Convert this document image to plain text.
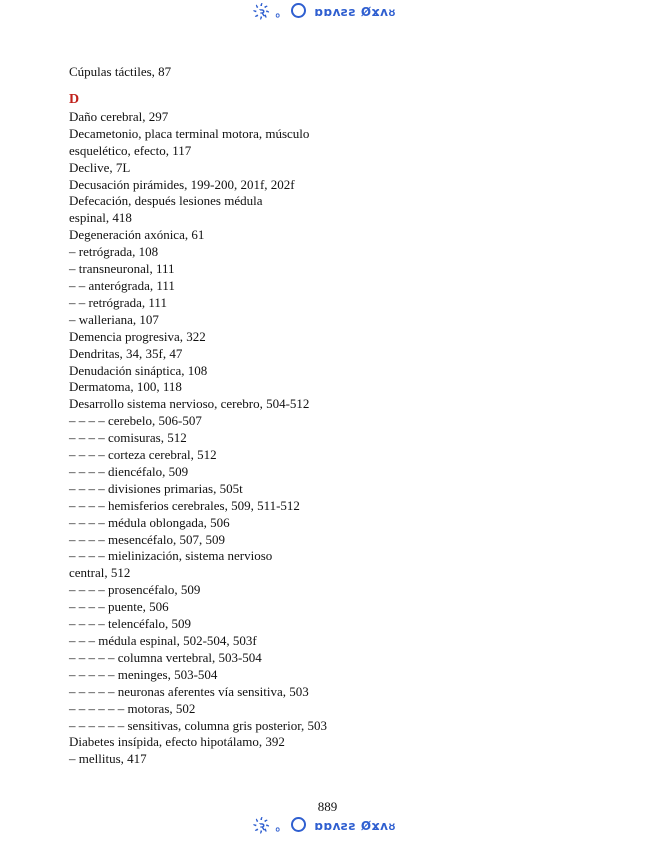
ꝛ҉ ｡	ɒɒʌꙅƨ ʘ̸ϫʌᴕ
Cúpulas táctiles, 87
D
Daño cerebral, 297
Decametonio, placa terminal motora, músculo
esquelético, efecto, 117
Declive, 7L
Decusación pirámides, 199-200, 201f, 202f
Defecación, después lesiones médula
espinal, 418
Degeneración axónica, 61
– retrógrada, 108
– transneuronal, 111
– – anterógrada, 111
– – retrógrada, 111
– walleriana, 107
Demencia progresiva, 322
Dendritas, 34, 35f, 47
Denudación sináptica, 108
Dermatoma, 100, 118
Desarrollo sistema nervioso, cerebro, 504-512
– – – – cerebelo, 506-507
– – – – comisuras, 512
– – – – corteza cerebral, 512
– – – – diencéfalo, 509
– – – – divisiones primarias, 505t
– – – – hemisferios cerebrales, 509, 511-512
– – – – médula oblongada, 506
– – – – mesencéfalo, 507, 509
– – – – mielinización, sistema nervioso
central, 512
– – – – prosencéfalo, 509
– – – – puente, 506
– – – – telencéfalo, 509
– – – médula espinal, 502-504, 503f
– – – – – columna vertebral, 503-504
– – – – – meninges, 503-504
– – – – – neuronas aferentes vía sensitiva, 503
– – – – – – motoras, 502
– – – – – – sensitivas, columna gris posterior, 503
Diabetes insípida, efecto hipotálamo, 392
– mellitus, 417
889
ꝛ҉ ｡	ɒɒʌꙅƨ ʘ̸ϫʌᴕ
